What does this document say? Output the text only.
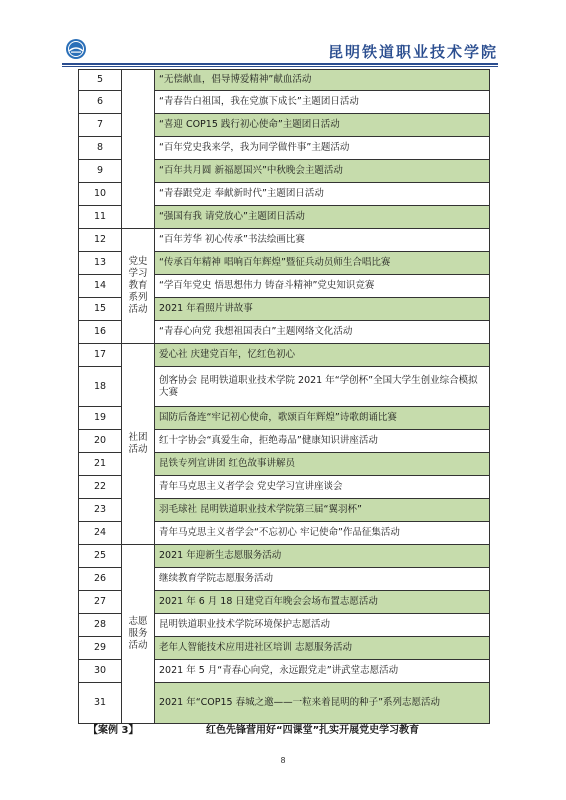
昆明铁道职业技术学院
5		“无偿献血，倡导博爱精神”献血活动
6		“青春告白祖国，我在党旗下成长”主题团日活动
7		“喜迎 COP15 践行初心使命”主题团日活动
8		“百年党史我来学，我为同学做件事”主题活动
9		“百年共月圆 新福愿国兴”中秋晚会主题活动
10		“青春跟党走 奉献新时代”主题团日活动
11		“强国有我 请党放心”主题团日活动
12	党史学习教育系列活动	“百年芳华 初心传承”书法绘画比赛
13		“传承百年精神 唱响百年辉煌”暨征兵动员师生合唱比赛
14		“学百年党史 悟思想伟力 铸奋斗精神”党史知识竞赛
15		2021 年看照片讲故事
16		“青春心向党 我想祖国表白”主题网络文化活动
17	社团活动	爱心社 庆建党百年，忆红色初心
18		创客协会 昆明铁道职业技术学院 2021 年“学创杯”全国大学生创业综合模拟大赛
19		国防后备连“牢记初心使命，歌颂百年辉煌”诗歌朗诵比赛
20		红十字协会“真爱生命，拒绝毒品”健康知识讲座活动
21		昆铁专列宣讲团 红色故事讲解员
22		青年马克思主义者学会 党史学习宣讲座谈会
23		羽毛球社 昆明铁道职业技术学院第三届“翼羽杯”
24		青年马克思主义者学会“不忘初心 牢记使命”作品征集活动
25	志愿服务活动	2021 年迎新生志愿服务活动
26		继续教育学院志愿服务活动
27		2021 年 6 月 18 日建党百年晚会会场布置志愿活动
28		昆明铁道职业技术学院环境保护志愿活动
29		老年人智能技术应用进社区培训 志愿服务活动
30		2021 年 5 月“青春心向党，永远跟党走”讲武堂志愿活动
31		2021 年“COP15 春城之邀——一粒来着昆明的种子”系列志愿活动
【案例 3】	红色先锋营用好“四课堂”扎实开展党史学习教育
8
